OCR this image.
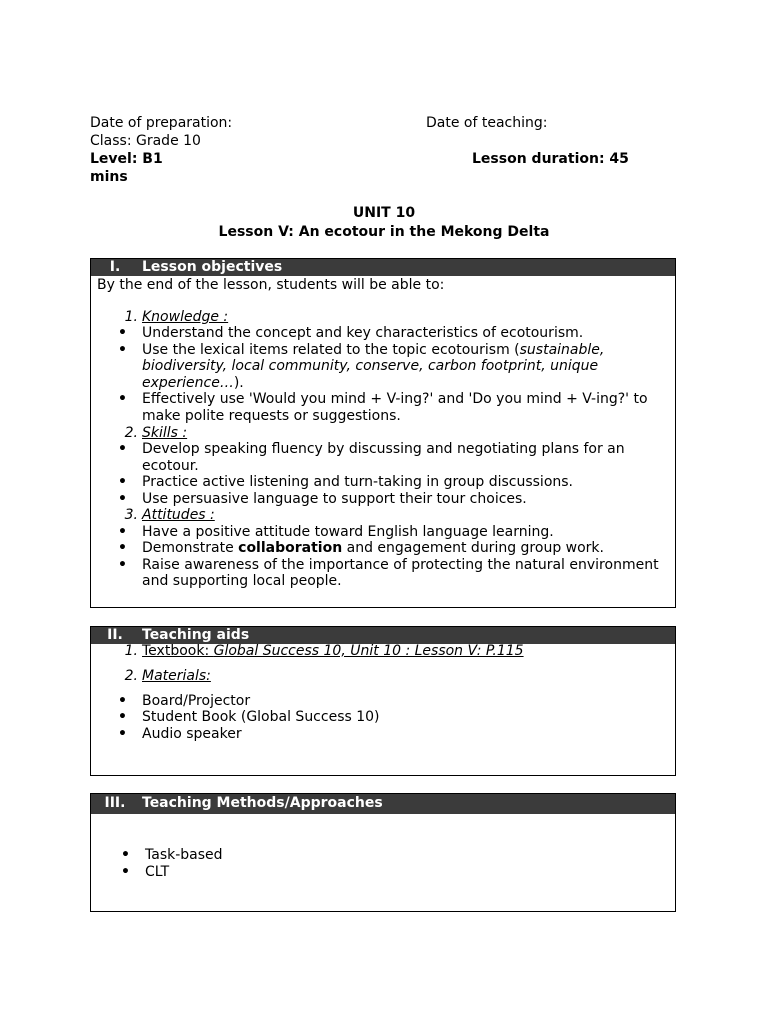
Date of preparation:	Date of teaching:
Class: Grade 10
Level: B1	Lesson duration: 45
mins
UNIT 10
Lesson V: An ecotour in the Mekong Delta
I.	Lesson objectives
By the end of the lesson, students will be able to:
1. Knowledge :
• Understand the concept and key characteristics of ecotourism.
• Use the lexical items related to the topic ecotourism (sustainable,
biodiversity, local community, conserve, carbon footprint, unique
experience…).
• Effectively use 'Would you mind + V-ing?' and 'Do you mind + V-ing?' to
make polite requests or suggestions.
2. Skills :
• Develop speaking fluency by discussing and negotiating plans for an
ecotour.
• Practice active listening and turn-taking in group discussions.
• Use persuasive language to support their tour choices.
3. Attitudes :
• Have a positive attitude toward English language learning.
• Demonstrate collaboration and engagement during group work.
• Raise awareness of the importance of protecting the natural environment
and supporting local people.
II.	Teaching aids
1. Textbook: Global Success 10, Unit 10 : Lesson V: P.115
2. Materials:
• Board/Projector
• Student Book (Global Success 10)
• Audio speaker
III.	Teaching Methods/Approaches
• Task-based
• CLT
